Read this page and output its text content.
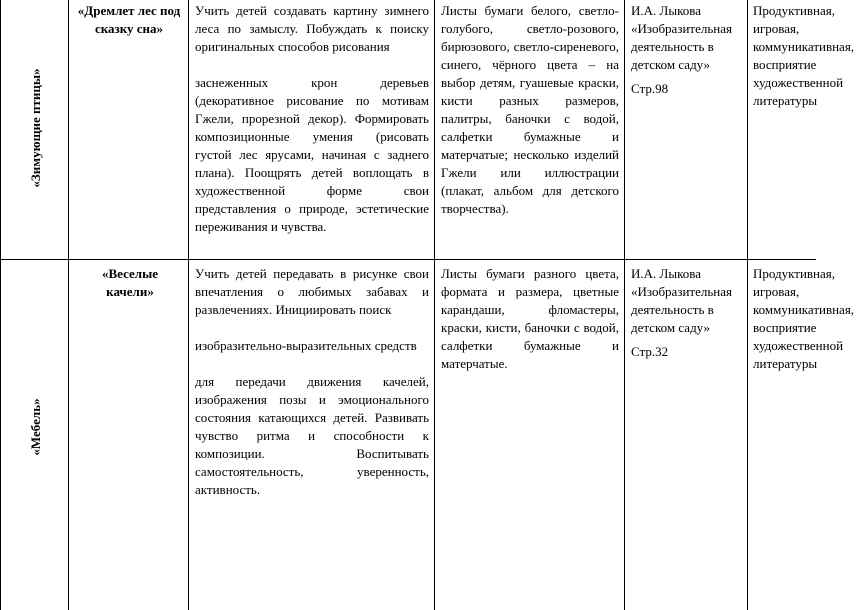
«Зимующие птицы»
«Дремлет лес под сказку сна»

Учить детей создавать картину зимнего леса по замыслу. Побуждать к поиску оригинальных способов рисования

заснеженных крон деревьев (декоративное рисование по мотивам Гжели, прорезной декор). Формировать композиционные умения (рисовать густой лес ярусами, начиная с заднего плана). Поощрять детей воплощать в художественной форме свои представления о природе, эстетические переживания и чувства.

Листы бумаги белого, светло-голубого, светло-розового, бирюзового, светло-сиреневого, синего, чёрного цвета – на выбор детям, гуашевые краски, кисти разных размеров, палитры, баночки с водой, салфетки бумажные и матерчатые; несколько изделий Гжели или иллюстрации (плакат, альбом для детского творчества).

И.А. Лыкова «Изобразительная деятельность в детском саду»

Стр.98

Продуктивная, игровая, коммуникативная, восприятие художественной литературы
«Мебель»
«Веселые качели»

Учить детей передавать в рисунке свои впечатления о любимых забавах и развлечениях. Инициировать поиск

изобразительно-выразительных средств

для передачи движения качелей, изображения позы и эмоционального состояния катающихся детей. Развивать чувство ритма и способности к композиции. Воспитывать самостоятельность, уверенность, активность.

Листы бумаги разного цвета, формата и размера, цветные карандаши, фломастеры, краски, кисти, баночки с водой, салфетки бумажные и матерчатые.

И.А. Лыкова «Изобразительная деятельность в детском саду»

Стр.32

Продуктивная, игровая, коммуникативная, восприятие художественной литературы
